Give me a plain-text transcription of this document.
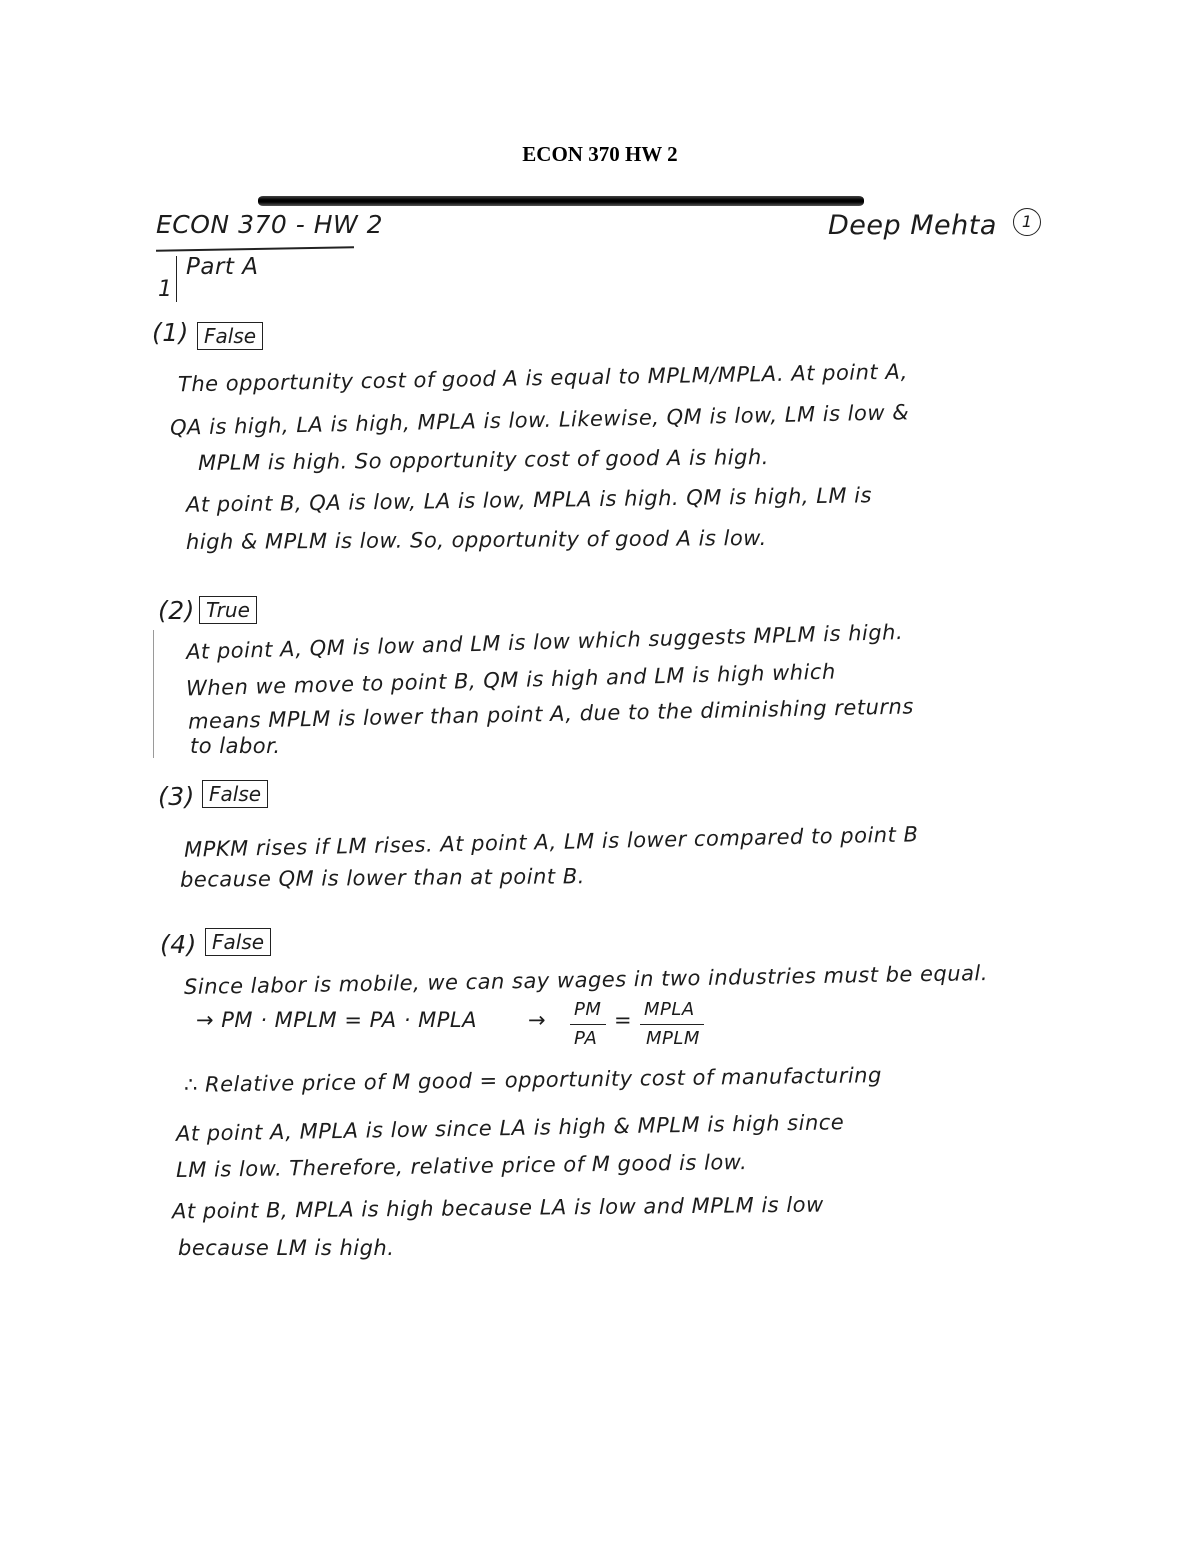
ECON 370 HW 2
ECON 370 - HW 2	Deep Mehta	1
Part A
1
(1) False
The opportunity cost of good A is equal to MPLM/MPLA. At point A,
QA is high, LA is high, MPLA is low. Likewise, QM is low, LM is low &
MPLM is high. So opportunity cost of good A is high.
At point B, QA is low, LA is low, MPLA is high. QM is high, LM is
high & MPLM is low. So, opportunity of good A is low.
(2) True
At point A, QM is low and LM is low which suggests MPLM is high.
When we move to point B, QM is high and LM is high which
means MPLM is lower than point A, due to the diminishing returns
to labor.
(3) False
MPKM rises if LM rises. At point A, LM is lower compared to point B
because QM is lower than at point B.
(4) False
Since labor is mobile, we can say wages in two industries must be equal.
→ PM · MPLM = PA · MPLA → PM
PA
= MPLA
MPLM
∴ Relative price of M good = opportunity cost of manufacturing
At point A, MPLA is low since LA is high & MPLM is high since
LM is low. Therefore, relative price of M good is low.
At point B, MPLA is high because LA is low and MPLM is low
because LM is high.
